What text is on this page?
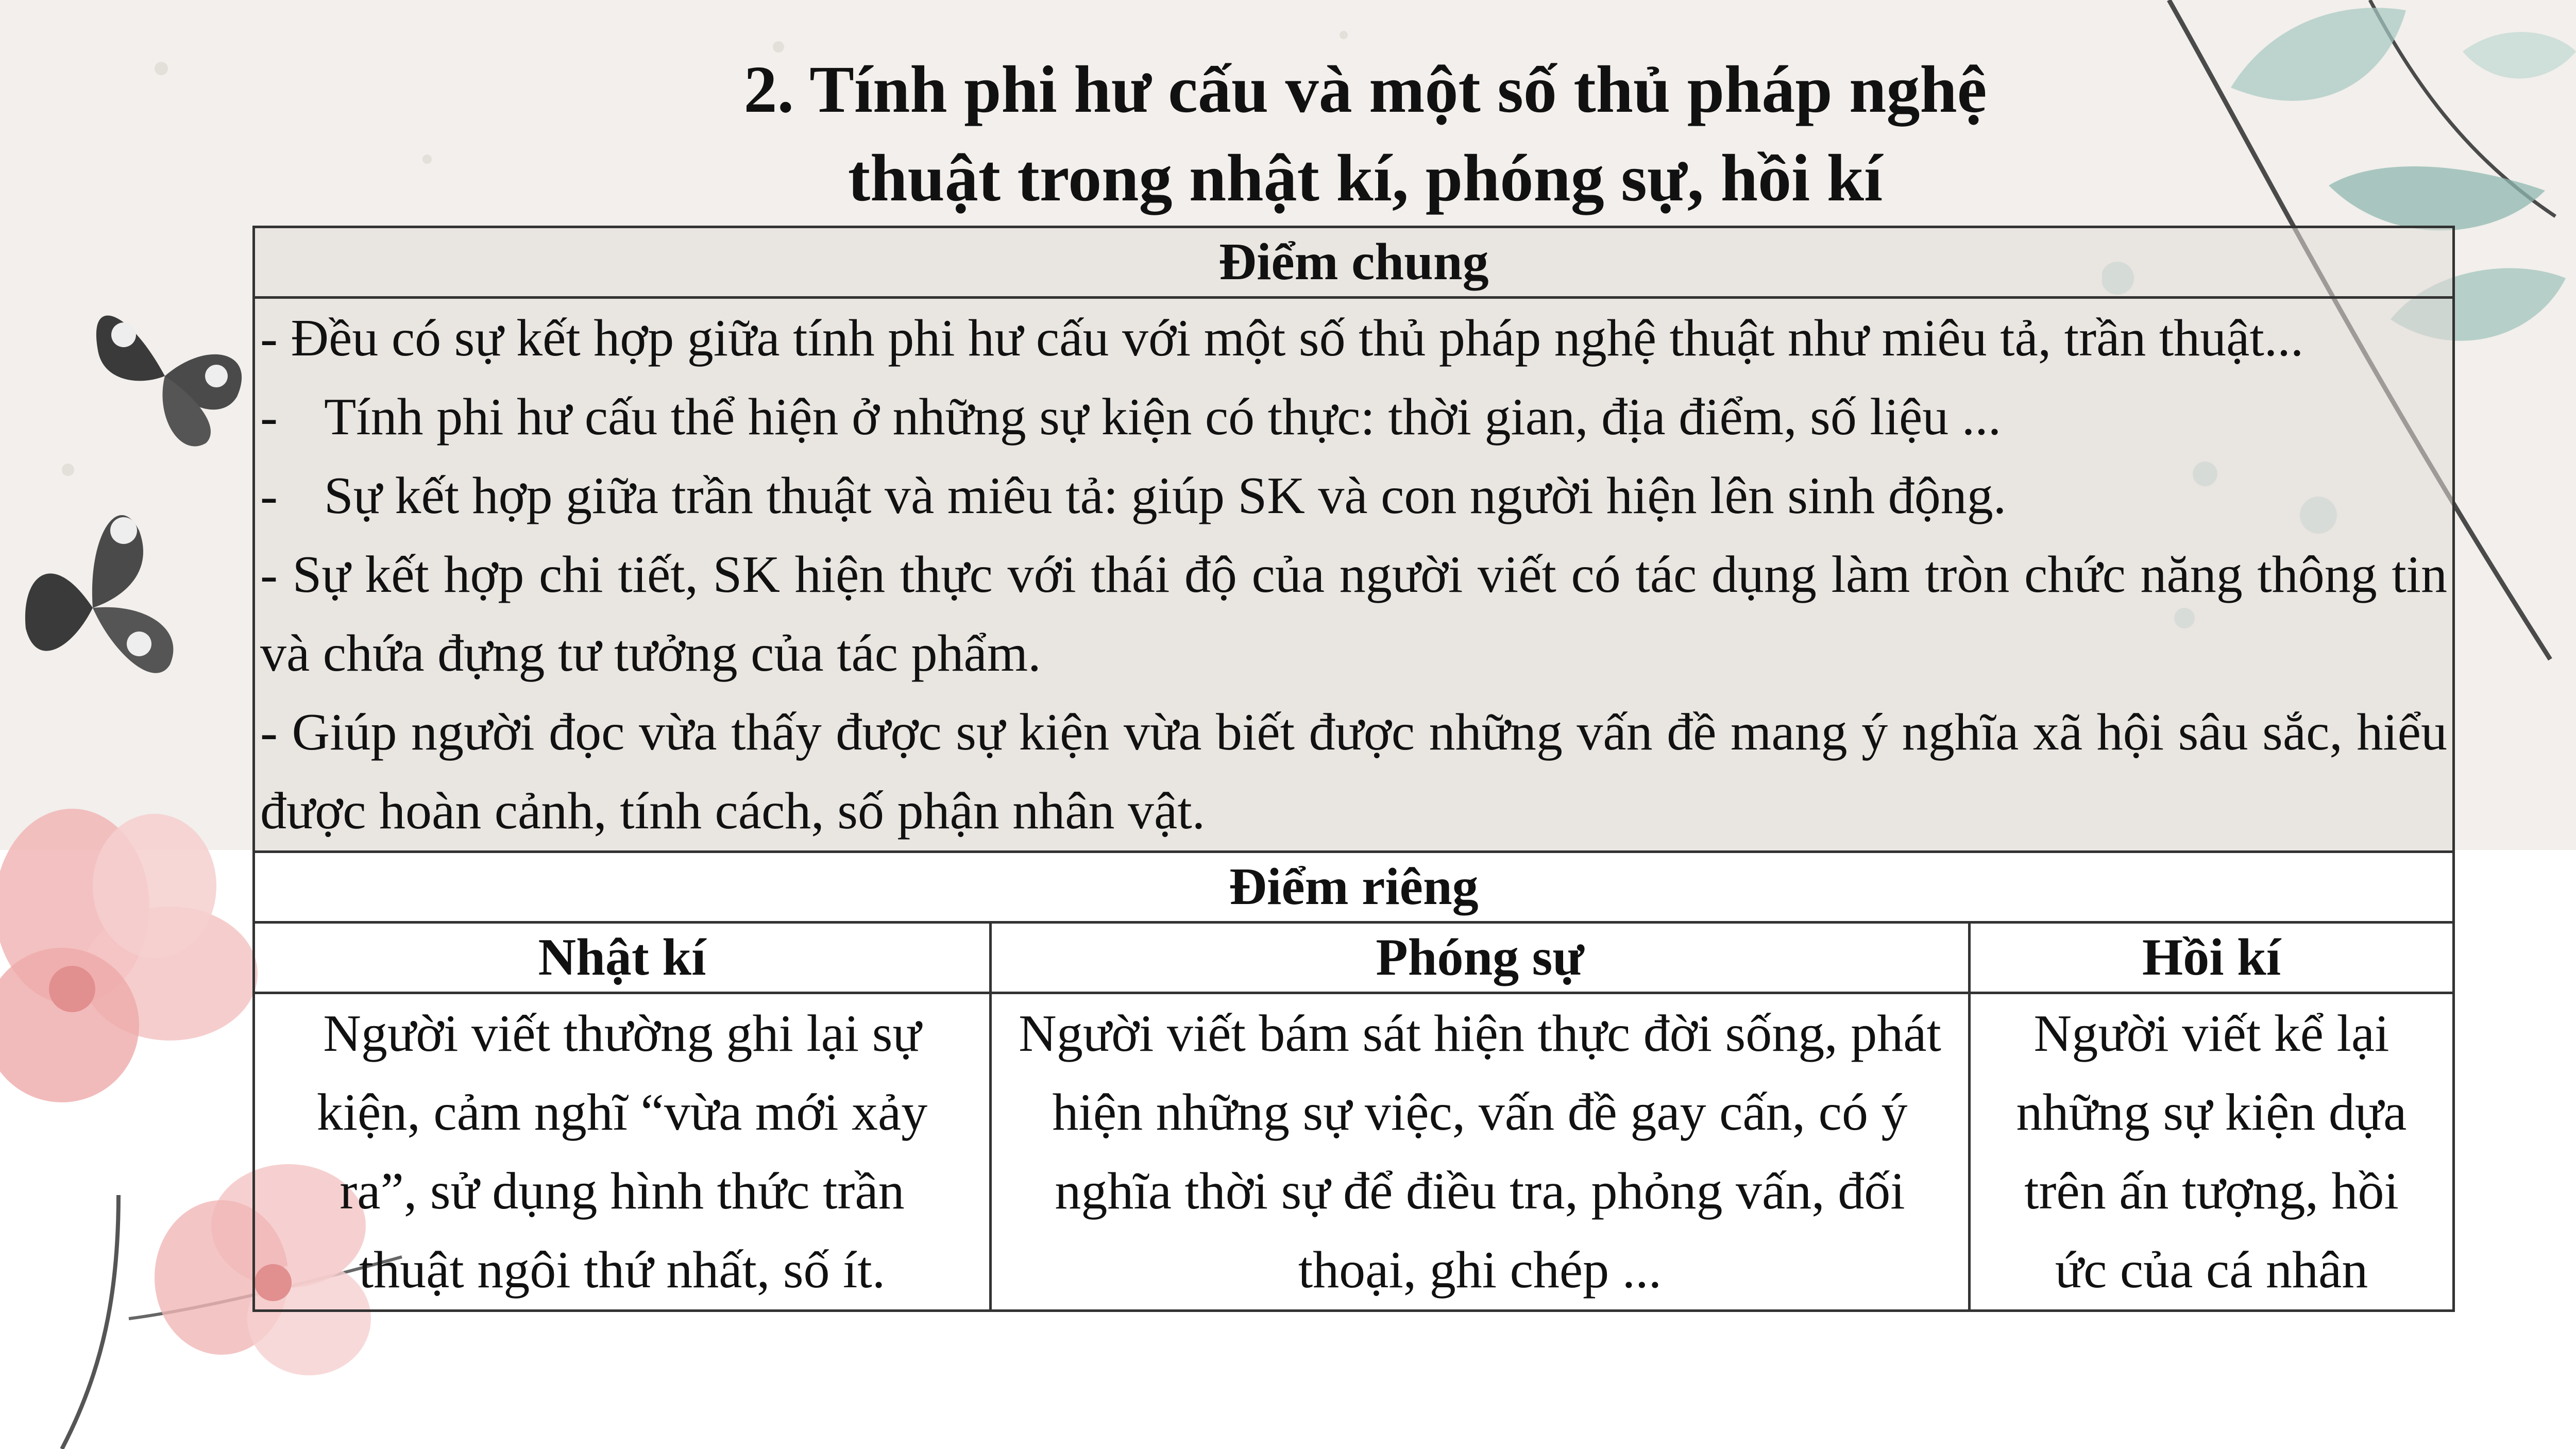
2. Tính phi hư cấu và một số thủ pháp nghệ
thuật trong nhật kí, phóng sự, hồi kí
Điểm chung		

- Đều có sự kết hợp giữa tính phi hư cấu với một số thủ pháp nghệ thuật như miêu tả, trần thuật...
- Tính phi hư cấu thể hiện ở những sự kiện có thực: thời gian, địa điểm, số liệu ...
- Sự kết hợp giữa trần thuật và miêu tả: giúp SK và con người hiện lên sinh động.
- Sự kết hợp chi tiết, SK hiện thực với thái độ của người viết có tác dụng làm tròn chức năng thông tin và chứa đựng tư tưởng của tác phẩm.
- Giúp người đọc vừa thấy được sự kiện vừa biết được những vấn đề mang ý nghĩa xã hội sâu sắc, hiểu được hoàn cảnh, tính cách, số phận nhân vật.		

Điểm riêng		
Nhật kí	Phóng sự	Hồi kí
Người viết thường ghi lại sự kiện, cảm nghĩ “vừa mới xảy ra”, sử dụng hình thức trần thuật ngôi thứ nhất, số ít.	Người viết bám sát hiện thực đời sống, phát hiện những sự việc, vấn đề gay cấn, có ý nghĩa thời sự để điều tra, phỏng vấn, đối thoại, ghi chép ...	Người viết kể lại những sự kiện dựa trên ấn tượng, hồi ức của cá nhân
